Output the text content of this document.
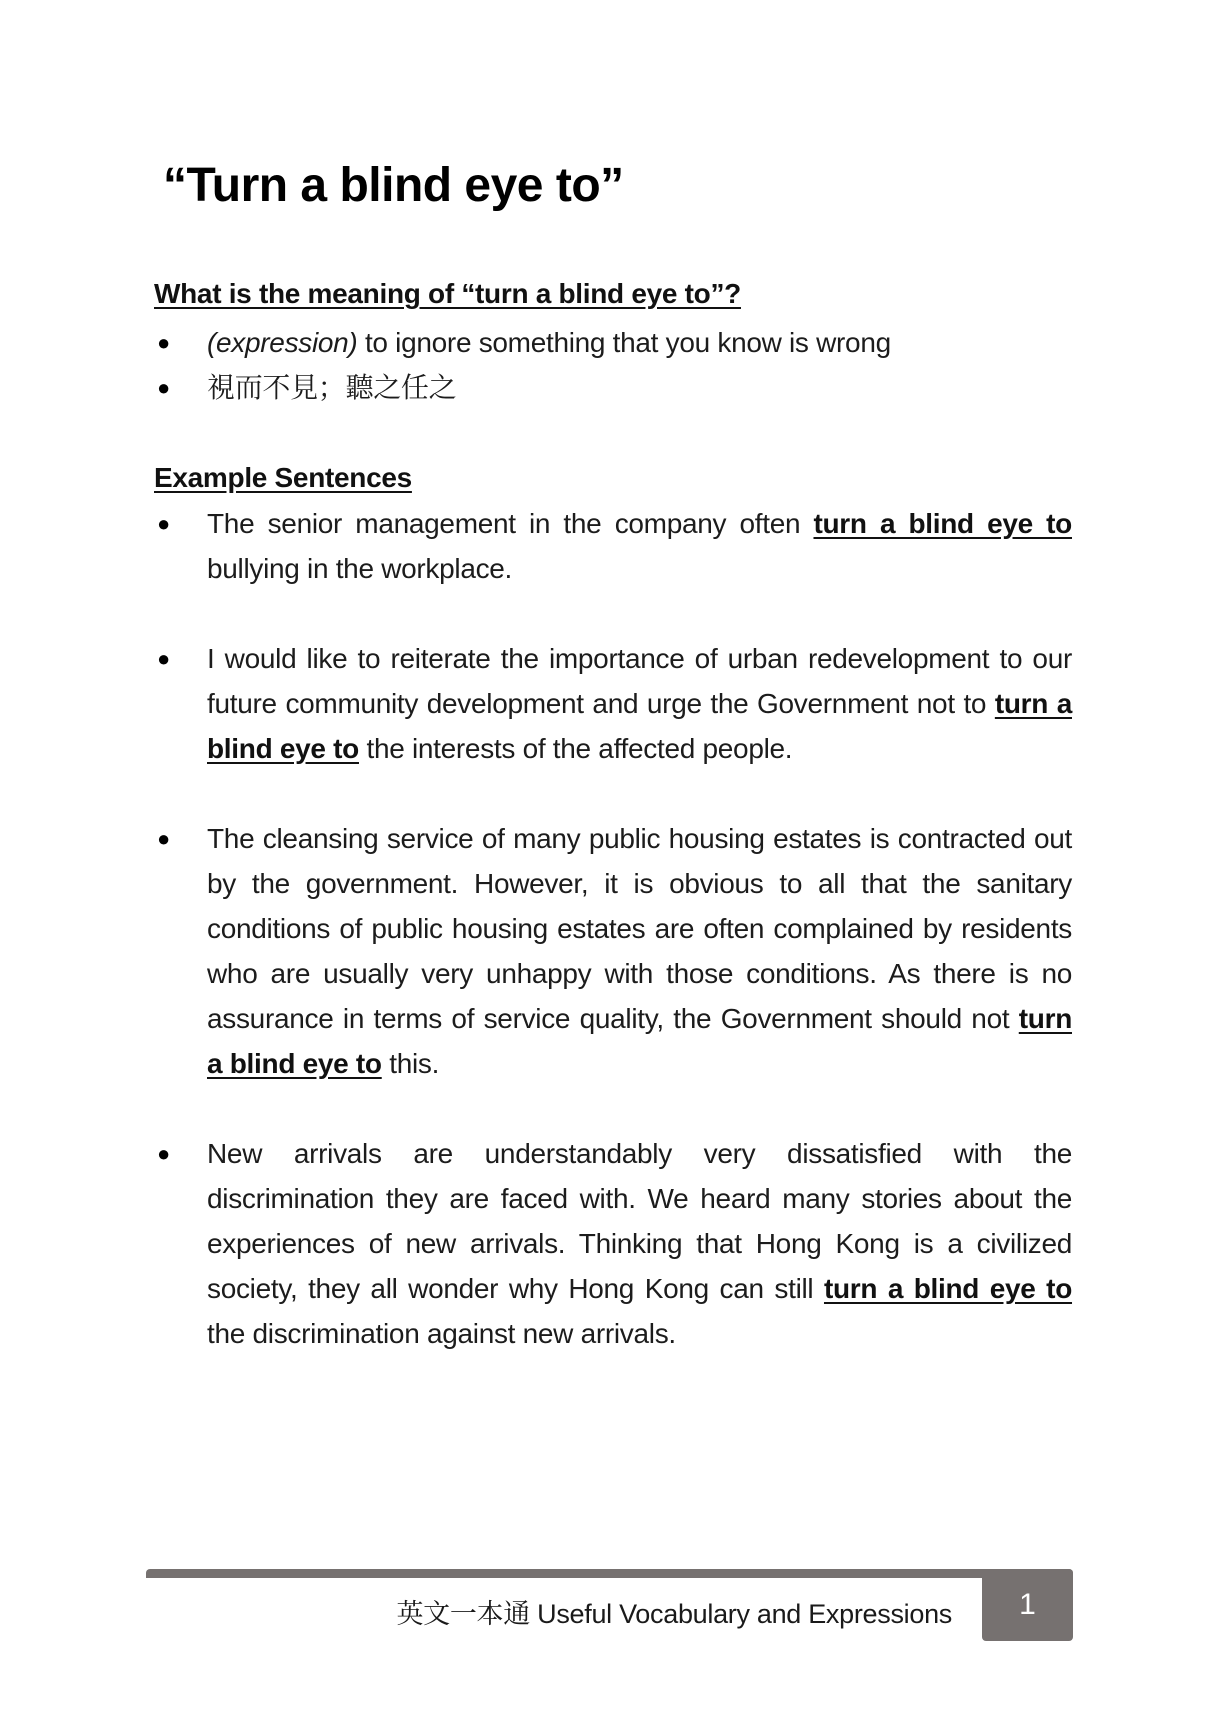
“Turn a blind eye to”
What is the meaning of “turn a blind eye to”?
● (expression) to ignore something that you know is wrong
● 視而不見；聽之任之
Example Sentences
● The senior management in the company often turn a blind eye to bullying in the workplace.
● I would like to reiterate the importance of urban redevelopment to our future community development and urge the Government not to turn a blind eye to the interests of the affected people.
● The cleansing service of many public housing estates is contracted out by the government. However, it is obvious to all that the sanitary conditions of public housing estates are often complained by residents who are usually very unhappy with those conditions. As there is no assurance in terms of service quality, the Government should not turn a blind eye to this.
● New arrivals are understandably very dissatisfied with the discrimination they are faced with. We heard many stories about the experiences of new arrivals. Thinking that Hong Kong is a civilized society, they all wonder why Hong Kong can still turn a blind eye to the discrimination against new arrivals.
英文一本通 Useful Vocabulary and Expressions 1
